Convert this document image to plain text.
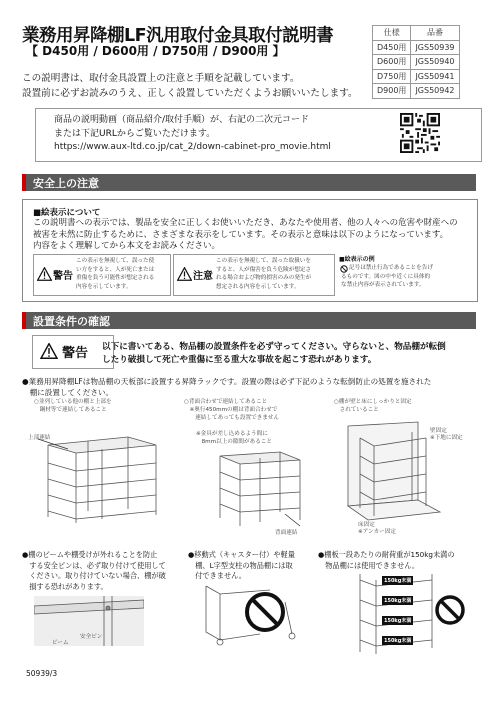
業務用昇降棚LF汎用取付金具取付説明書
【 D450用 / D600用 / D750用 / D900用 】
仕様	品番
D450用	JGS50939
D600用	JGS50940
D750用	JGS50941
D900用	JGS50942
この説明書は、取付金具設置上の注意と手順を記載しています。
設置前に必ずお読みのうえ、正しく設置していただくようお願いいたします。
商品の説明動画（商品紹介/取付手順）が、右記の二次元コード
または下記URLからご覧いただけます。
https://www.aux-ltd.co.jp/cat_2/down-cabinet-pro_movie.html
安全上の注意
■絵表示について
この説明書への表示では、製品を安全に正しくお使いいただき、あなたや使用者、他の人々への危害や財産への
被害を未然に防止するために、さまざまな表示をしています。その表示と意味は以下のようになっています。
内容をよく理解してから本文をお読みください。
警告
この表示を無視して、誤った使
い方をすると、人が死亡または
重傷を負う可能性が想定される
内容を示しています。
注意
この表示を無視して、誤った取扱いを
すると、人が傷害を負う危険が想定さ
れる場合および物的損害のみの発生が
想定される内容を示しています。
■絵表示の例
記号は禁止行為であることを告げ
るものです。図の中や近くに具体的
な禁止内容が表示されています。
設置条件の確認
警告 以下に書いてある、物品棚の設置条件を必ず守ってください。守らないと、物品棚が転倒
したり破損して死亡や重傷に至る重大な事故を起こす恐れがあります。
●業務用昇降棚LFは物品棚の天板部に設置する昇降ラックです。設置の際は必ず下記のような転倒防止の処置を施された
　棚に設置してください。
○並列している他の棚と上部を
　鋼材等で連結してあること
○背面合わせで連結してあること
　※奥行450mmの棚は背面合わせで
　　連結してあっても設置できません
※金具が差し込めるよう間に
　8mm以上の隙間があること
○棚が壁と床にしっかりと固定
　されていること
上部連結
背面連結
壁固定
※下地に固定
床固定
※アンカー固定
●棚のビームや棚受けが外れることを防止
　する安全ピンは、必ず取り付けて使用して
　ください。取り付けていない場合、棚が破
　損する恐れがあります。
●移動式（キャスター付）や軽量
　棚、L字型支柱の物品棚には取
　付できません。
●棚板一段あたりの耐荷重が150kg未満の
　物品棚には使用できません。
ビーム
安全ピン
150kg未満
150kg未満
150kg未満
150kg未満
50939/3
